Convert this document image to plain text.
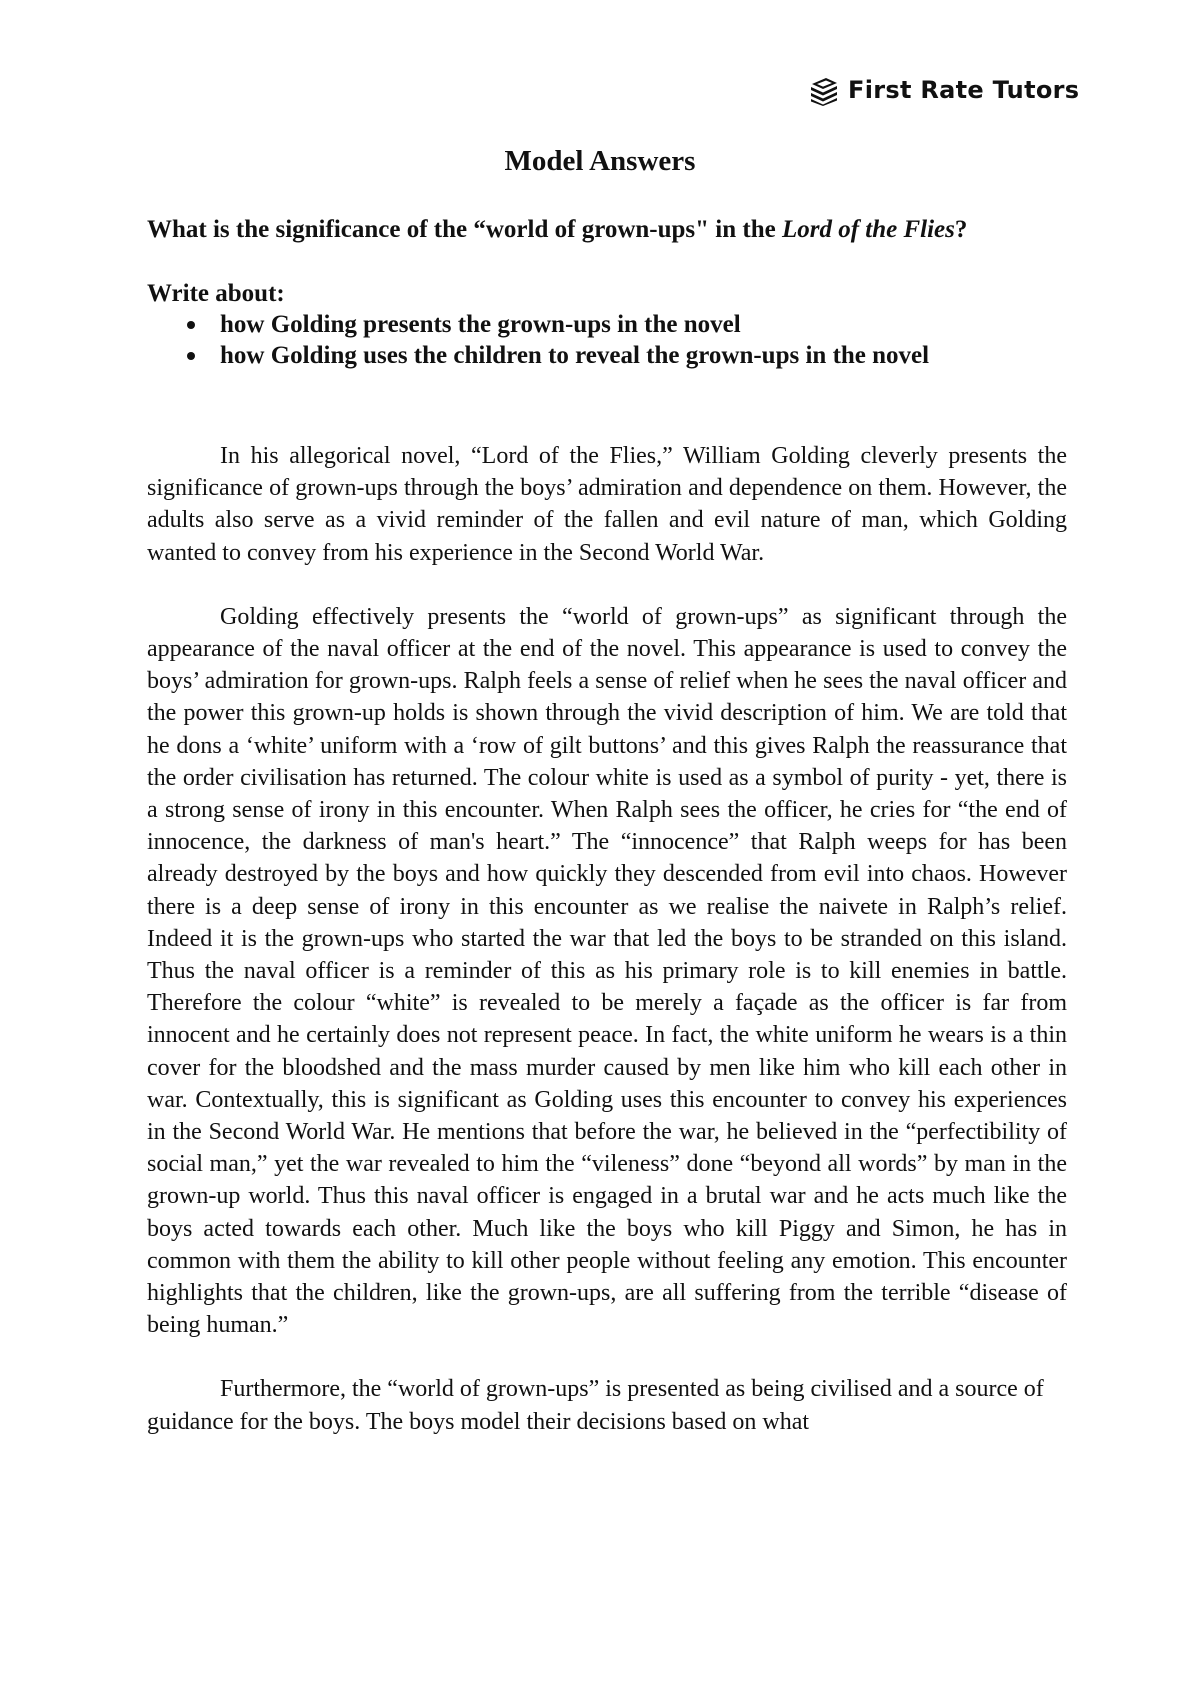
First Rate Tutors
Model Answers

What is the significance of the “world of grown-ups" in the Lord of the Flies?

Write about:

how Golding presents the grown-ups in the novel
how Golding uses the children to reveal the grown-ups in the novel

In his allegorical novel, “Lord of the Flies,” William Golding cleverly presents the significance of grown-ups through the boys’ admiration and dependence on them. However, the adults also serve as a vivid reminder of the fallen and evil nature of man, which Golding wanted to convey from his experience in the Second World War.

Golding effectively presents the “world of grown-ups” as significant through the appearance of the naval officer at the end of the novel. This appearance is used to convey the boys’ admiration for grown-ups. Ralph feels a sense of relief when he sees the naval officer and the power this grown-up holds is shown through the vivid description of him. We are told that he dons a ‘white’ uniform with a ‘row of gilt buttons’ and this gives Ralph the reassurance that the order civilisation has returned. The colour white is used as a symbol of purity - yet, there is a strong sense of irony in this encounter. When Ralph sees the officer, he cries for “the end of innocence, the darkness of man's heart.” The “innocence” that Ralph weeps for has been already destroyed by the boys and how quickly they descended from evil into chaos. However there is a deep sense of irony in this encounter as we realise the naivete in Ralph’s relief. Indeed it is the grown-ups who started the war that led the boys to be stranded on this island. Thus the naval officer is a reminder of this as his primary role is to kill enemies in battle. Therefore the colour “white” is revealed to be merely a façade as the officer is far from innocent and he certainly does not represent peace. In fact, the white uniform he wears is a thin cover for the bloodshed and the mass murder caused by men like him who kill each other in war. Contextually, this is significant as Golding uses this encounter to convey his experiences in the Second World War. He mentions that before the war, he believed in the “perfectibility of social man,” yet the war revealed to him the “vileness” done “beyond all words” by man in the grown-up world. Thus this naval officer is engaged in a brutal war and he acts much like the boys acted towards each other. Much like the boys who kill Piggy and Simon, he has in common with them the ability to kill other people without feeling any emotion. This encounter highlights that the children, like the grown-ups, are all suffering from the terrible “disease of being human.”

Furthermore, the “world of grown-ups” is presented as being civilised and a source of guidance for the boys. The boys model their decisions based on what
